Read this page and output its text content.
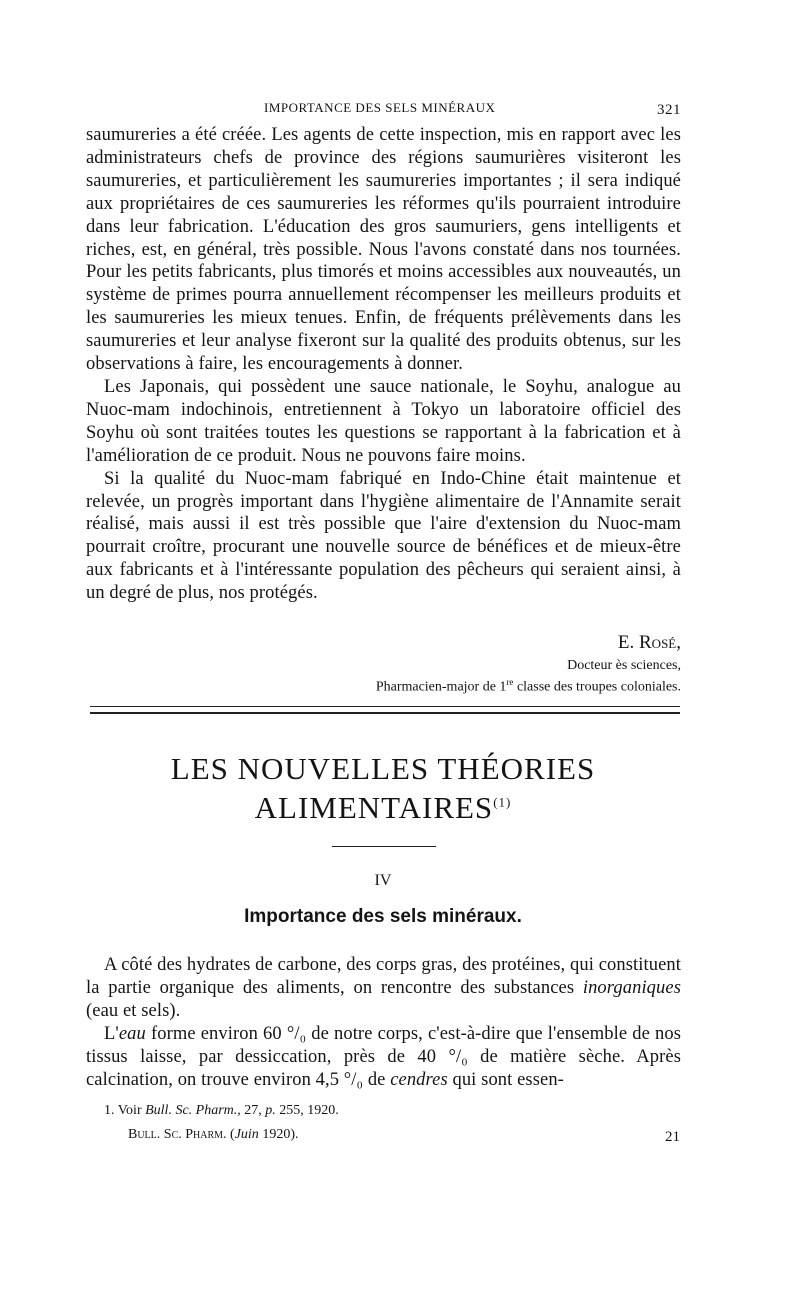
IMPORTANCE DES SELS MINÉRAUX	321

saumureries a été créée. Les agents de cette inspection, mis en rapport avec les administrateurs chefs de province des régions saumurières visiteront les saumureries, et particulièrement les saumureries importantes ; il sera indiqué aux propriétaires de ces saumureries les réformes qu'ils pourraient introduire dans leur fabrication. L'éducation des gros saumuriers, gens intelligents et riches, est, en général, très possible. Nous l'avons constaté dans nos tournées. Pour les petits fabricants, plus timorés et moins accessibles aux nouveautés, un système de primes pourra annuellement récompenser les meilleurs produits et les saumureries les mieux tenues. Enfin, de fréquents prélèvements dans les saumureries et leur analyse fixeront sur la qualité des produits obtenus, sur les observations à faire, les encouragements à donner.

Les Japonais, qui possèdent une sauce nationale, le Soyhu, analogue au Nuoc-mam indochinois, entretiennent à Tokyo un laboratoire officiel des Soyhu où sont traitées toutes les questions se rapportant à la fabrication et à l'amélioration de ce produit. Nous ne pouvons faire moins.

Si la qualité du Nuoc-mam fabriqué en Indo-Chine était maintenue et relevée, un progrès important dans l'hygiène alimentaire de l'Annamite serait réalisé, mais aussi il est très possible que l'aire d'extension du Nuoc-mam pourrait croître, procurant une nouvelle source de bénéfices et de mieux-être aux fabricants et à l'intéressante population des pêcheurs qui seraient ainsi, à un degré de plus, nos protégés.

E. Rosé,
Docteur ès sciences,
Pharmacien-major de 1re classe des troupes coloniales.
LES NOUVELLES THÉORIES
ALIMENTAIRES$^{(1)}$
IV
Importance des sels minéraux.

A côté des hydrates de carbone, des corps gras, des protéines, qui constituent la partie organique des aliments, on rencontre des substances inorganiques (eau et sels).

L'eau forme environ 60 °/₀ de notre corps, c'est-à-dire que l'ensemble de nos tissus laisse, par dessiccation, près de 40 °/₀ de matière sèche. Après calcination, on trouve environ 4,5 °/₀ de cendres qui sont essen-

1. Voir Bull. Sc. Pharm., 27, p. 255, 1920.
Bull. Sc. Pharm. (Juin 1920).	21
